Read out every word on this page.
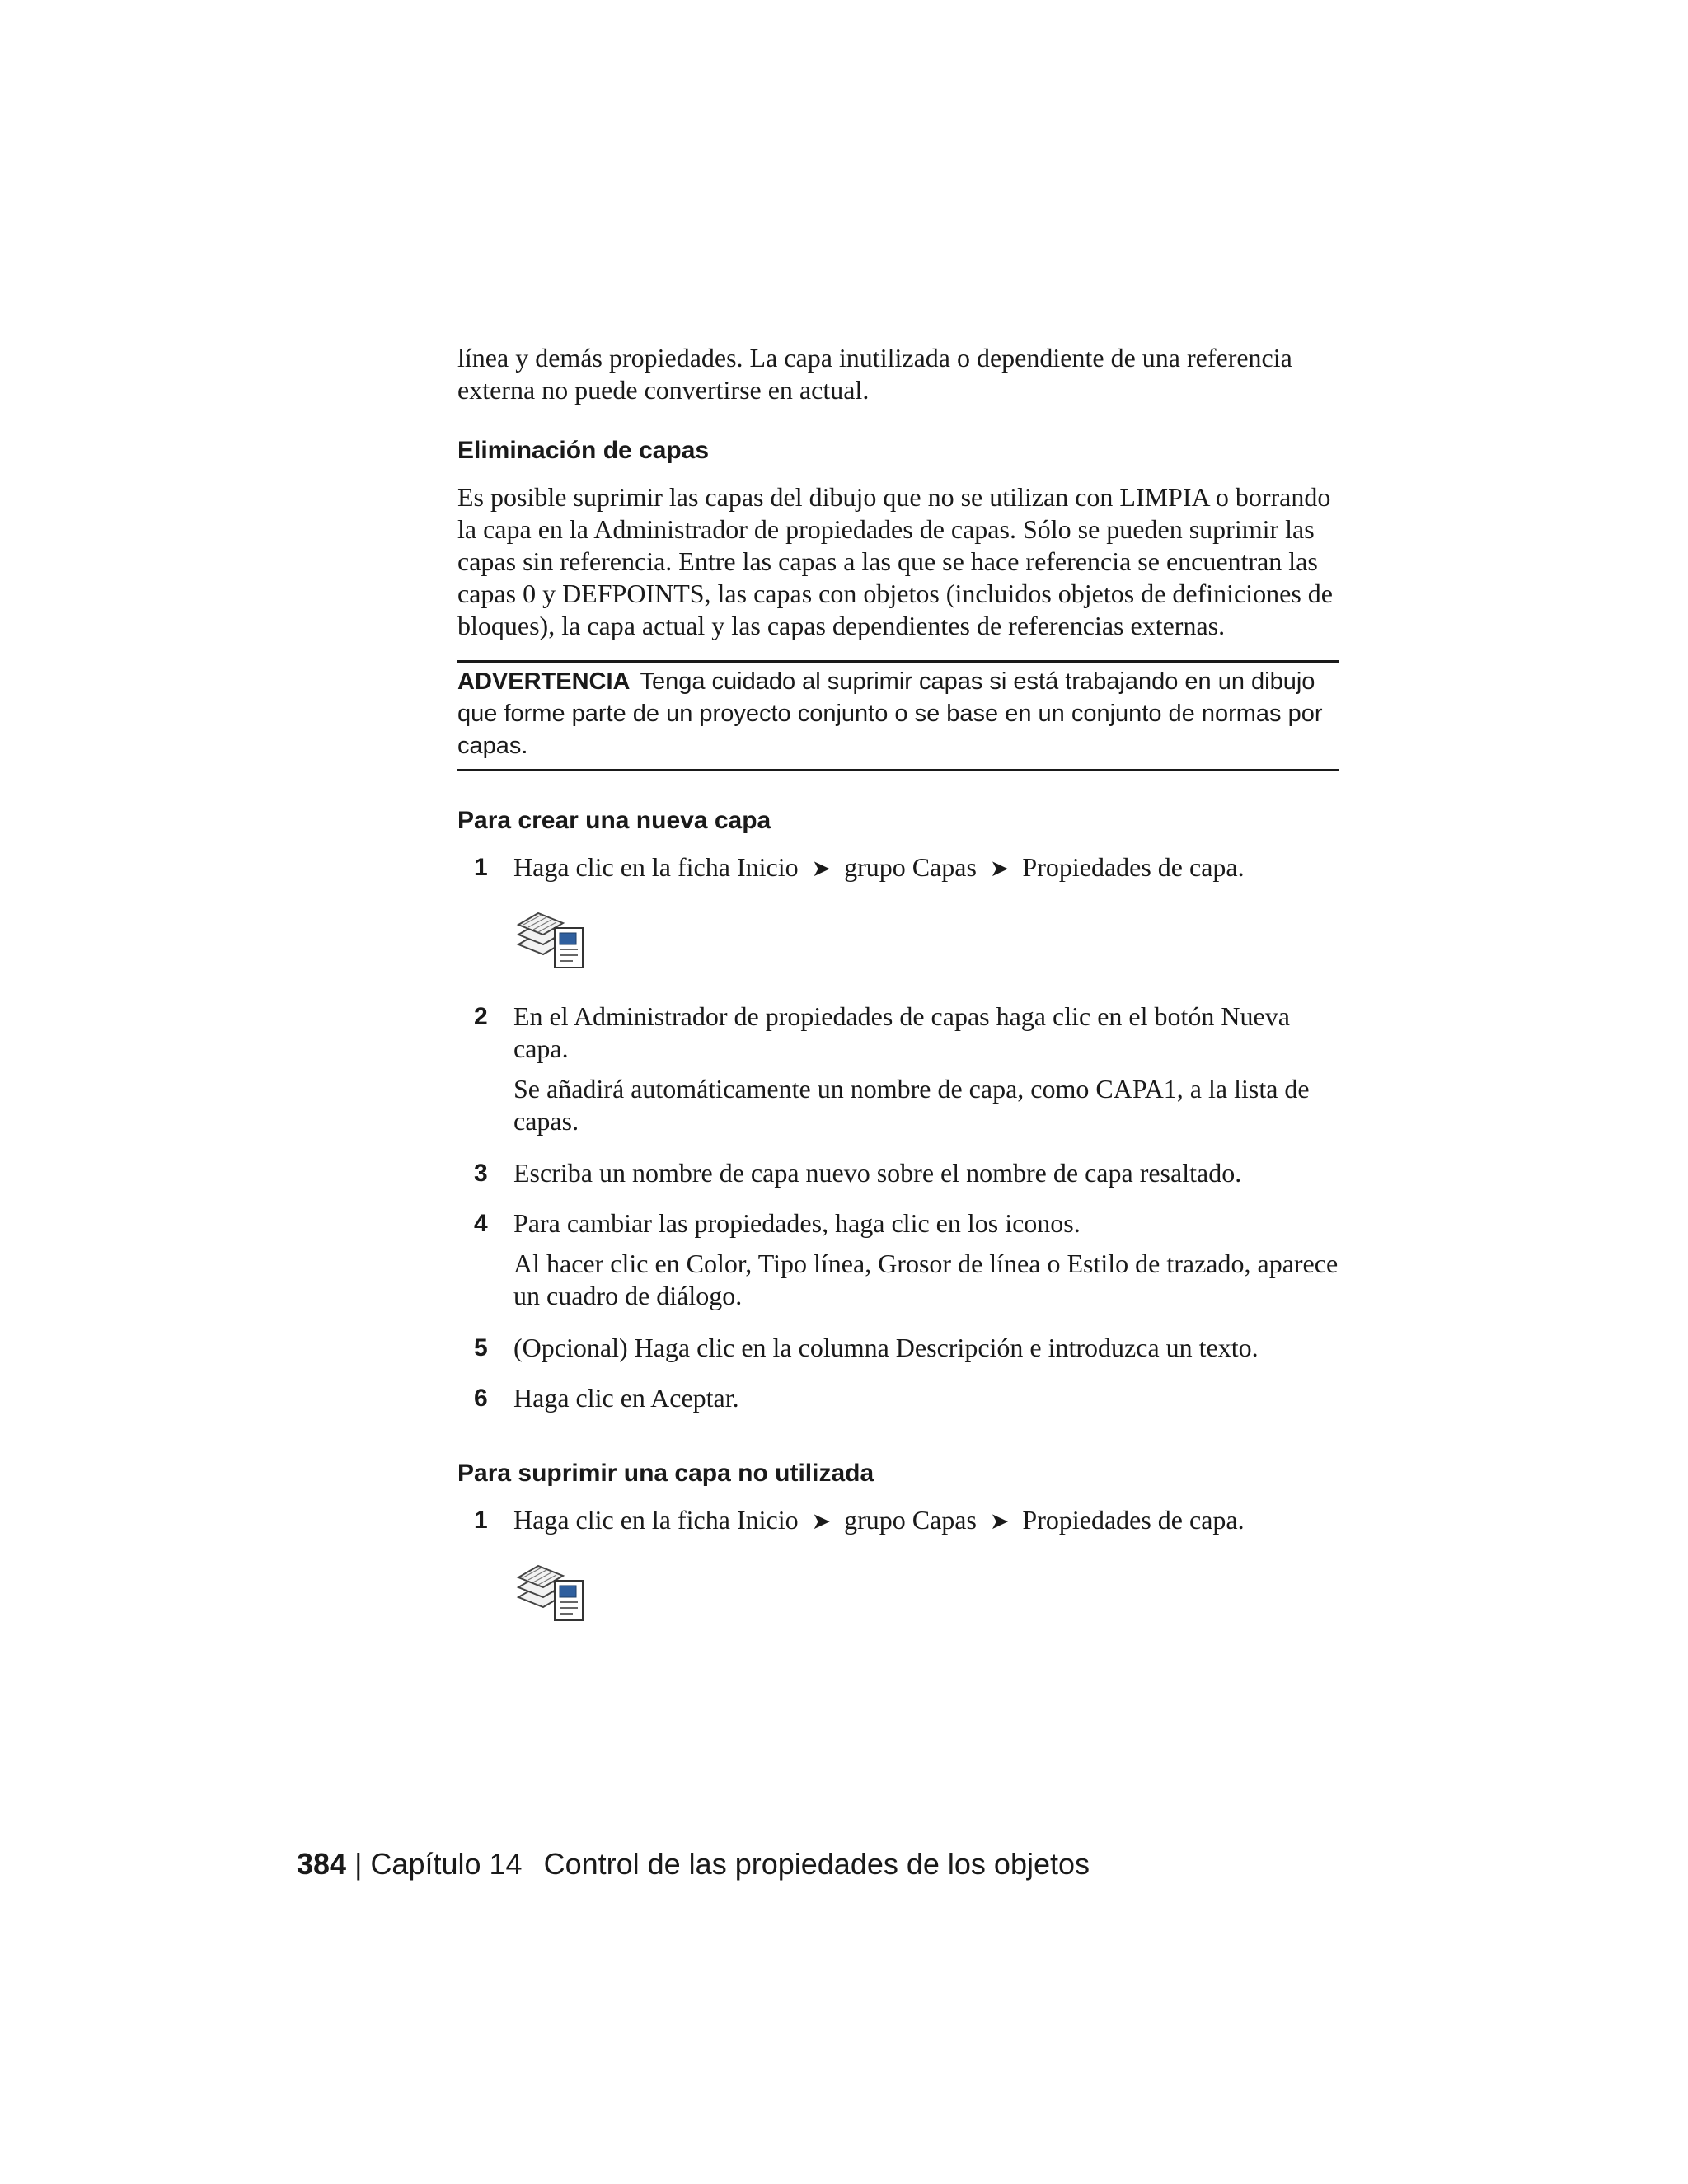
línea y demás propiedades. La capa inutilizada o dependiente de una referencia externa no puede convertirse en actual.

Eliminación de capas

Es posible suprimir las capas del dibujo que no se utilizan con LIMPIA o borrando la capa en la Administrador de propiedades de capas. Sólo se pueden suprimir las capas sin referencia. Entre las capas a las que se hace referencia se encuentran las capas 0 y DEFPOINTS, las capas con objetos (incluidos objetos de definiciones de bloques), la capa actual y las capas dependientes de referencias externas.

ADVERTENCIA Tenga cuidado al suprimir capas si está trabajando en un dibujo que forme parte de un proyecto conjunto o se base en un conjunto de normas por capas.

Para crear una nueva capa

1 Haga clic en la ficha Inicio ➤ grupo Capas ➤ Propiedades de capa.
2 En el Administrador de propiedades de capas haga clic en el botón Nueva capa.
Se añadirá automáticamente un nombre de capa, como CAPA1, a la lista de capas.
3 Escriba un nombre de capa nuevo sobre el nombre de capa resaltado.
4 Para cambiar las propiedades, haga clic en los iconos.
Al hacer clic en Color, Tipo línea, Grosor de línea o Estilo de trazado, aparece un cuadro de diálogo.
5 (Opcional) Haga clic en la columna Descripción e introduzca un texto.
6 Haga clic en Aceptar.

Para suprimir una capa no utilizada

1 Haga clic en la ficha Inicio ➤ grupo Capas ➤ Propiedades de capa.
384 | Capítulo 14 Control de las propiedades de los objetos
